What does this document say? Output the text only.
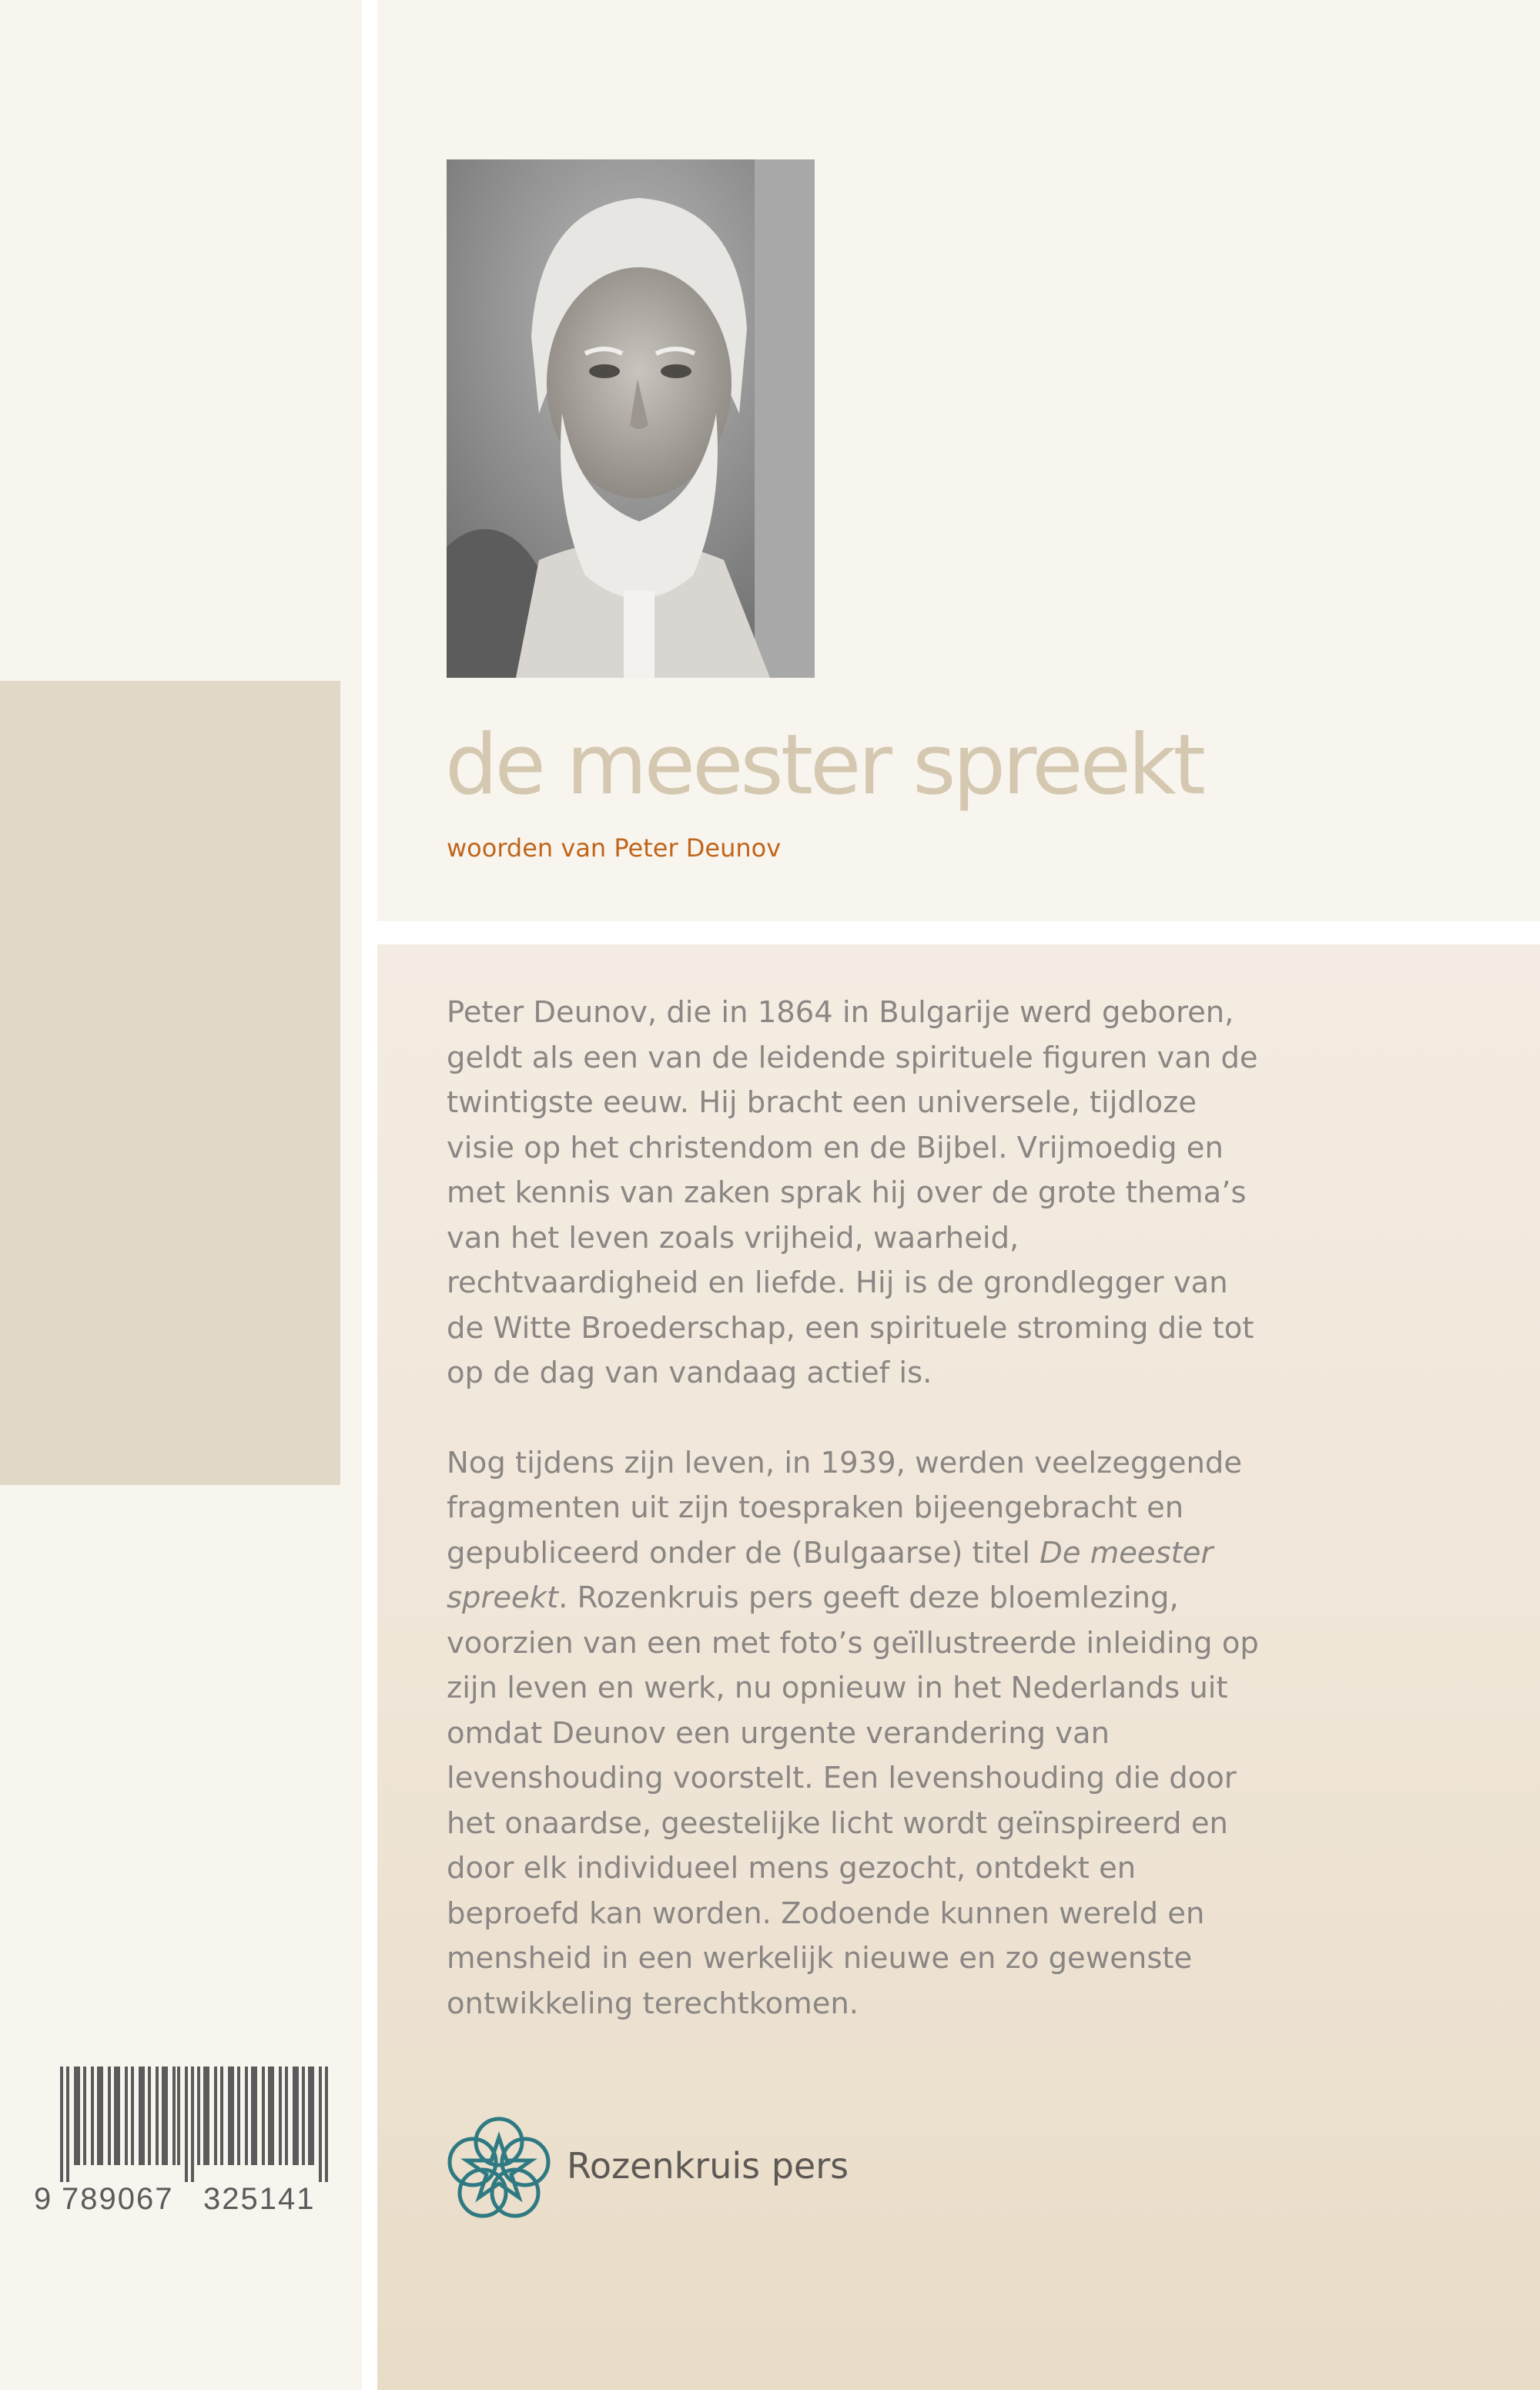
de meester spreekt
woorden van Peter Deunov

Peter Deunov, die in 1864 in Bulgarije werd geboren, geldt als een van de leidende spirituele figuren van de twintigste eeuw. Hij bracht een universele, tijdloze visie op het christendom en de Bijbel. Vrijmoedig en met kennis van zaken sprak hij over de grote thema’s van het leven zoals vrijheid, waarheid, rechtvaardigheid en liefde. Hij is de grondlegger van de Witte Broederschap, een spirituele stroming die tot op de dag van vandaag actief is.

Nog tijdens zijn leven, in 1939, werden veelzeggende fragmenten uit zijn toespraken bijeengebracht en gepubliceerd onder de (Bulgaarse) titel De meester spreekt. Rozenkruis pers geeft deze bloemlezing, voorzien van een met foto’s geïllustreerde inleiding op zijn leven en werk, nu opnieuw in het Nederlands uit omdat Deunov een urgente verandering van levenshouding voorstelt. Een levenshouding die door het onaardse, geestelijke licht wordt geïnspireerd en door elk individueel mens gezocht, ontdekt en beproefd kan worden. Zodoende kunnen wereld en mensheid in een werkelijk nieuwe en zo gewenste ontwikkeling terechtkomen.

Rozenkruis pers
9 789067 325141
